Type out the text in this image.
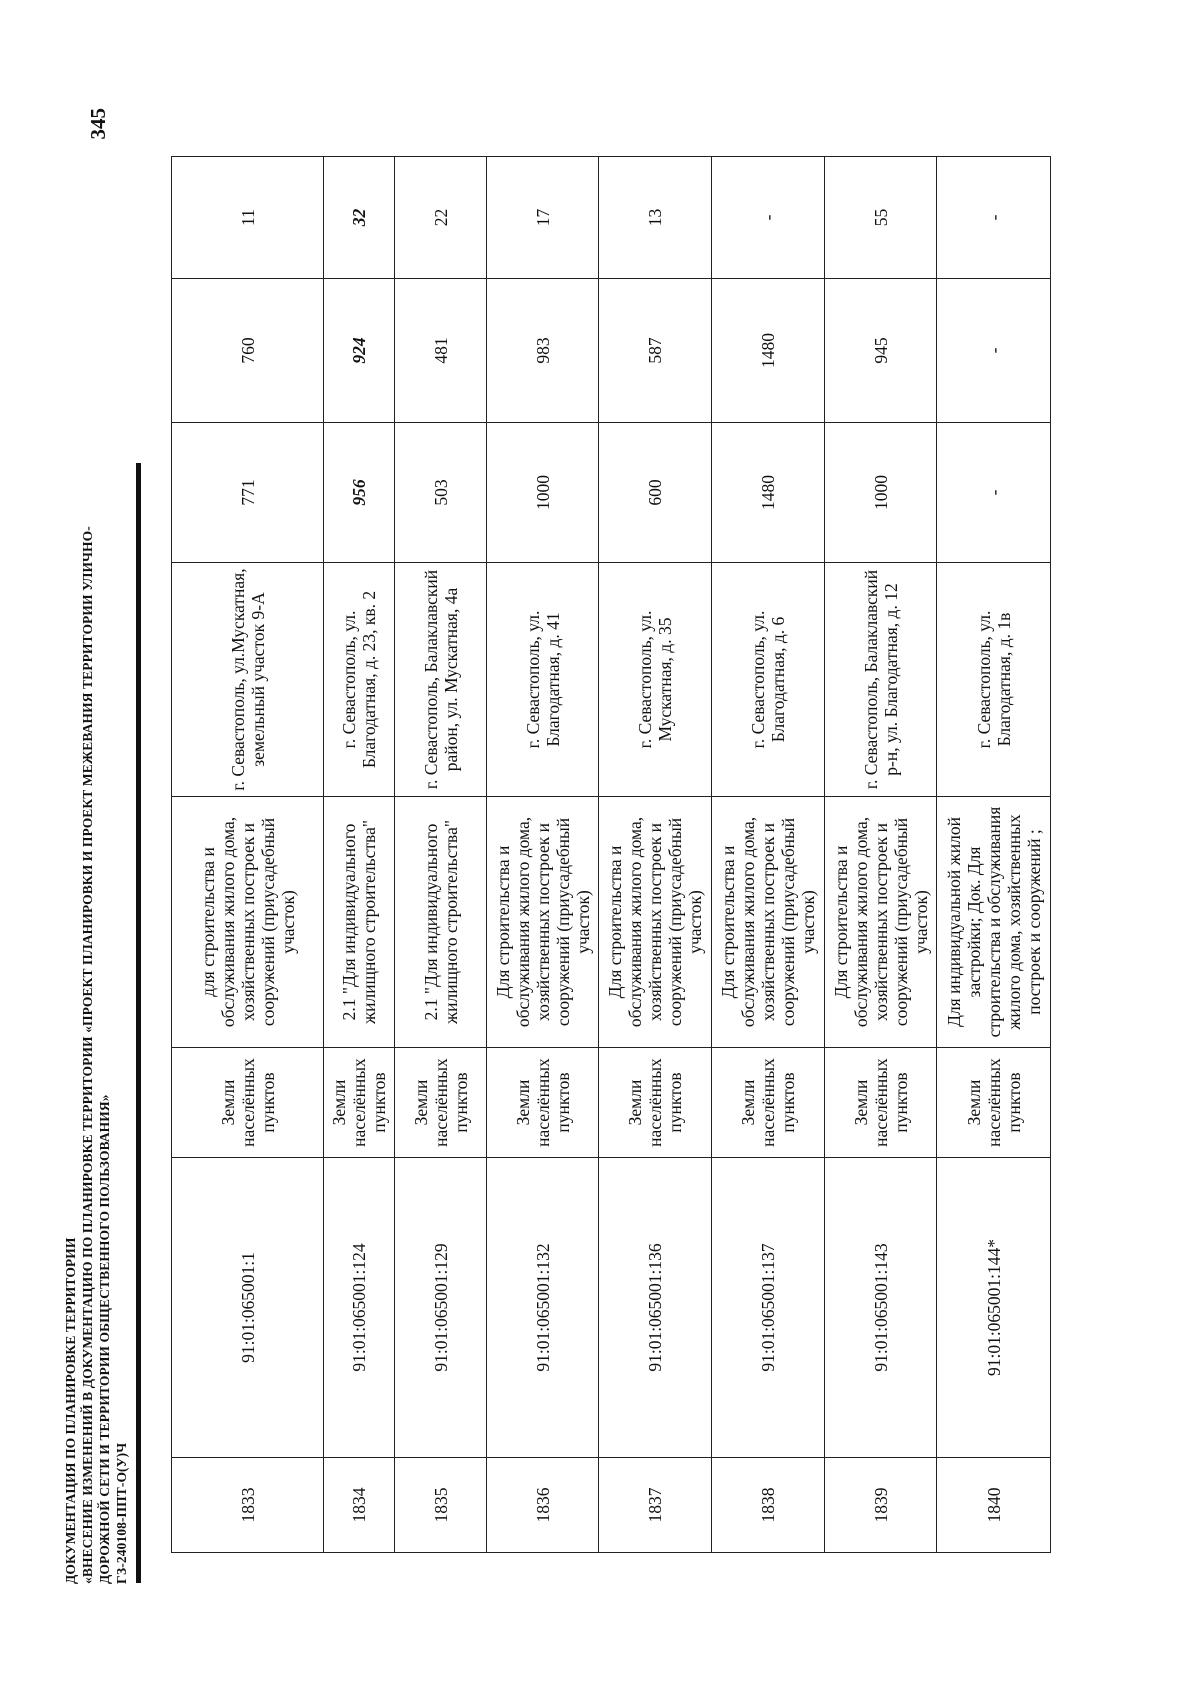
ДОКУМЕНТАЦИЯ ПО ПЛАНИРОВКЕ ТЕРРИТОРИИ «ВНЕСЕНИЕ ИЗМЕНЕНИЙ В ДОКУМЕНТАЦИЮ ПО ПЛАНИРОВКЕ ТЕРРИТОРИИ «ПРОЕКТ ПЛАНИРОВКИ И ПРОЕКТ МЕЖЕВАНИЯ ТЕРРИТОРИИ УЛИЧНО- ДОРОЖНОЙ СЕТИ И ТЕРРИТОРИИ ОБЩЕСТВЕННОГО ПОЛЬЗОВАНИЯ» ГЗ-240108-ППТ-О(У)Ч
345
1833	91:01:065001:1	Земли населённых пунктов	для строительства и обслуживания жилого дома, хозяйственных построек и сооружений (приусадебный участок)	г. Севастополь, ул.Мускатная, земельный участок 9-А	771	760	11
1834	91:01:065001:124	Земли населённых пунктов	2.1 "Для индивидуального жилищного строительства"	г. Севастополь, ул. Благодатная, д. 23, кв. 2	956	924	32
1835	91:01:065001:129	Земли населённых пунктов	2.1 "Для индивидуального жилищного строительства"	г. Севастополь, Балаклавский район, ул. Мускатная, 4а	503	481	22
1836	91:01:065001:132	Земли населённых пунктов	Для строительства и обслуживания жилого дома, хозяйственных построек и сооружений (приусадебный участок)	г. Севастополь, ул. Благодатная, д. 41	1000	983	17
1837	91:01:065001:136	Земли населённых пунктов	Для строительства и обслуживания жилого дома, хозяйственных построек и сооружений (приусадебный участок)	г. Севастополь, ул. Мускатная, д. 35	600	587	13
1838	91:01:065001:137	Земли населённых пунктов	Для строительства и обслуживания жилого дома, хозяйственных построек и сооружений (приусадебный участок)	г. Севастополь, ул. Благодатная, д. 6	1480	1480	-
1839	91:01:065001:143	Земли населённых пунктов	Для строительства и обслуживания жилого дома, хозяйственных построек и сооружений (приусадебный участок)	г. Севастополь, Балаклавский р-н, ул. Благодатная, д. 12	1000	945	55
1840	91:01:065001:144*	Земли населённых пунктов	Для индивидуальной жилой застройки; Док. Для строительства и обслуживания жилого дома, хозяйственных построек и сооружений ;	г. Севастополь, ул. Благодатная, д. 1в	-	-	-
